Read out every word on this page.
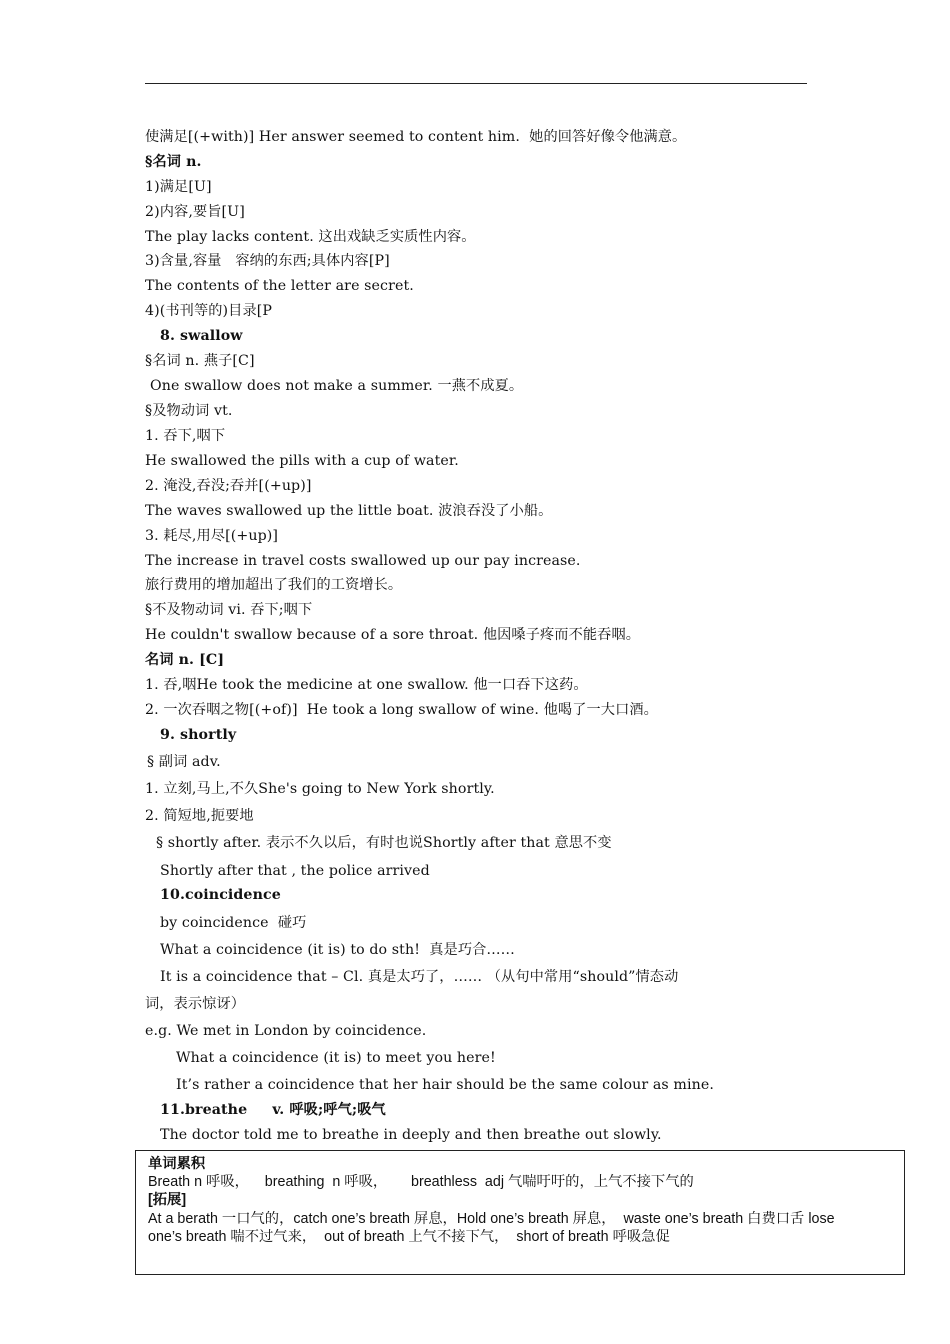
使满足[(+with)] Her answer seemed to content him.  她的回答好像令他满意。
§名词 n.
1)满足[U]
2)内容,要旨[U]
The play lacks content. 这出戏缺乏实质性内容。
3)含量,容量   容纳的东西;具体内容[P]
The contents of the letter are secret.
4)(书刊等的)目录[P
8. swallow
§名词 n. 燕子[C]
One swallow does not make a summer. 一燕不成夏。
§及物动词 vt.
1. 吞下,咽下
He swallowed the pills with a cup of water.
2. 淹没,吞没;吞并[(+up)]
The waves swallowed up the little boat. 波浪吞没了小船。
3. 耗尽,用尽[(+up)]
The increase in travel costs swallowed up our pay increase.
旅行费用的增加超出了我们的工资增长。
§不及物动词 vi. 吞下;咽下
He couldn't swallow because of a sore throat. 他因嗓子疼而不能吞咽。
名词 n. [C]
1. 吞,咽He took the medicine at one swallow. 他一口吞下这药。
2. 一次吞咽之物[(+of)]  He took a long swallow of wine. 他喝了一大口酒。
9. shortly
§ 副词 adv.
1. 立刻,马上,不久She's going to New York shortly.
2. 简短地,扼要地
§ shortly after. 表示不久以后，有时也说Shortly after that 意思不变
Shortly after that , the police arrived
10.coincidence
by coincidence  碰巧
What a coincidence (it is) to do sth!  真是巧合……
It is a coincidence that – Cl. 真是太巧了，…… （从句中常用“should”情态动
词，表示惊讶）
e.g. We met in London by coincidence.
What a coincidence (it is) to meet you here!
It’s rather a coincidence that her hair should be the same colour as mine.
11.breathe     v. 呼吸;呼气;吸气
The doctor told me to breathe in deeply and then breathe out slowly.
单词累积
Breath n 呼吸，    breathing  n 呼吸，      breathless  adj 气喘吁吁的，上气不接下气的
[拓展]
At a berath 一口气的，catch one’s breath 屏息，Hold one’s breath 屏息，  waste one’s breath 白费口舌 lose
one’s breath 喘不过气来，  out of breath 上气不接下气，  short of breath 呼吸急促
